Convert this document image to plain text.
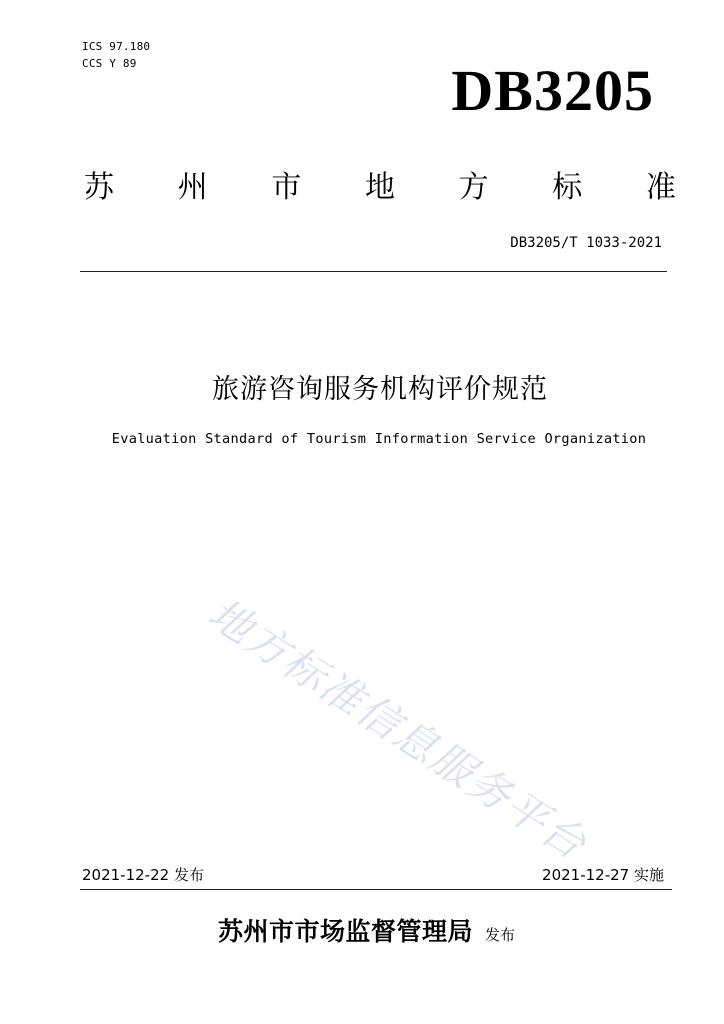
ICS 97.180
CCS Y 89	DB3205
苏 州 市 地 方 标 准
DB3205/T 1033-2021
旅游咨询服务机构评价规范
Evaluation Standard of Tourism Information Service Organization
地方标准信息服务平台
2021-12-22 发布	2021-12-27 实施
苏州市市场监督管理局 发布
